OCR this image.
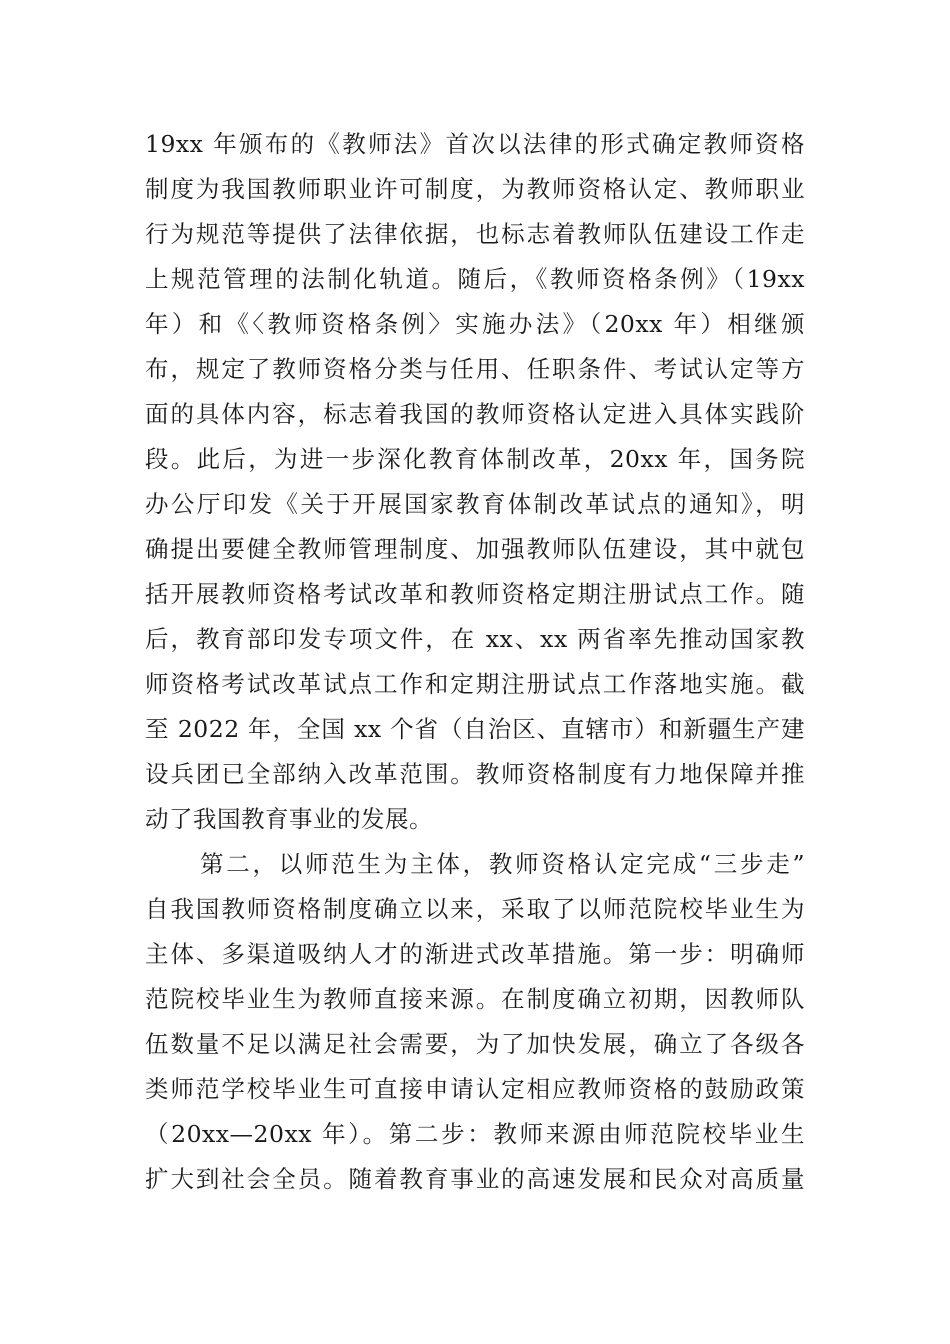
19xx 年颁布的《教师法》首次以法律的形式确定教师资格
制度为我国教师职业许可制度，为教师资格认定、教师职业
行为规范等提供了法律依据，也标志着教师队伍建设工作走
上规范管理的法制化轨道。随后，《教师资格条例》（19xx
年）和《〈教师资格条例〉实施办法》（20xx 年）相继颁
布，规定了教师资格分类与任用、任职条件、考试认定等方
面的具体内容，标志着我国的教师资格认定进入具体实践阶
段。此后，为进一步深化教育体制改革，20xx 年，国务院
办公厅印发《关于开展国家教育体制改革试点的通知》，明
确提出要健全教师管理制度、加强教师队伍建设，其中就包
括开展教师资格考试改革和教师资格定期注册试点工作。随
后，教育部印发专项文件，在 xx、xx 两省率先推动国家教
师资格考试改革试点工作和定期注册试点工作落地实施。截
至 2022 年，全国 xx 个省（自治区、直辖市）和新疆生产建
设兵团已全部纳入改革范围。教师资格制度有力地保障并推
动了我国教育事业的发展。
第二，以师范生为主体，教师资格认定完成“三步走”
自我国教师资格制度确立以来，采取了以师范院校毕业生为
主体、多渠道吸纳人才的渐进式改革措施。第一步：明确师
范院校毕业生为教师直接来源。在制度确立初期，因教师队
伍数量不足以满足社会需要，为了加快发展，确立了各级各
类师范学校毕业生可直接申请认定相应教师资格的鼓励政策
（20xx—20xx 年）。第二步：教师来源由师范院校毕业生
扩大到社会全员。随着教育事业的高速发展和民众对高质量
